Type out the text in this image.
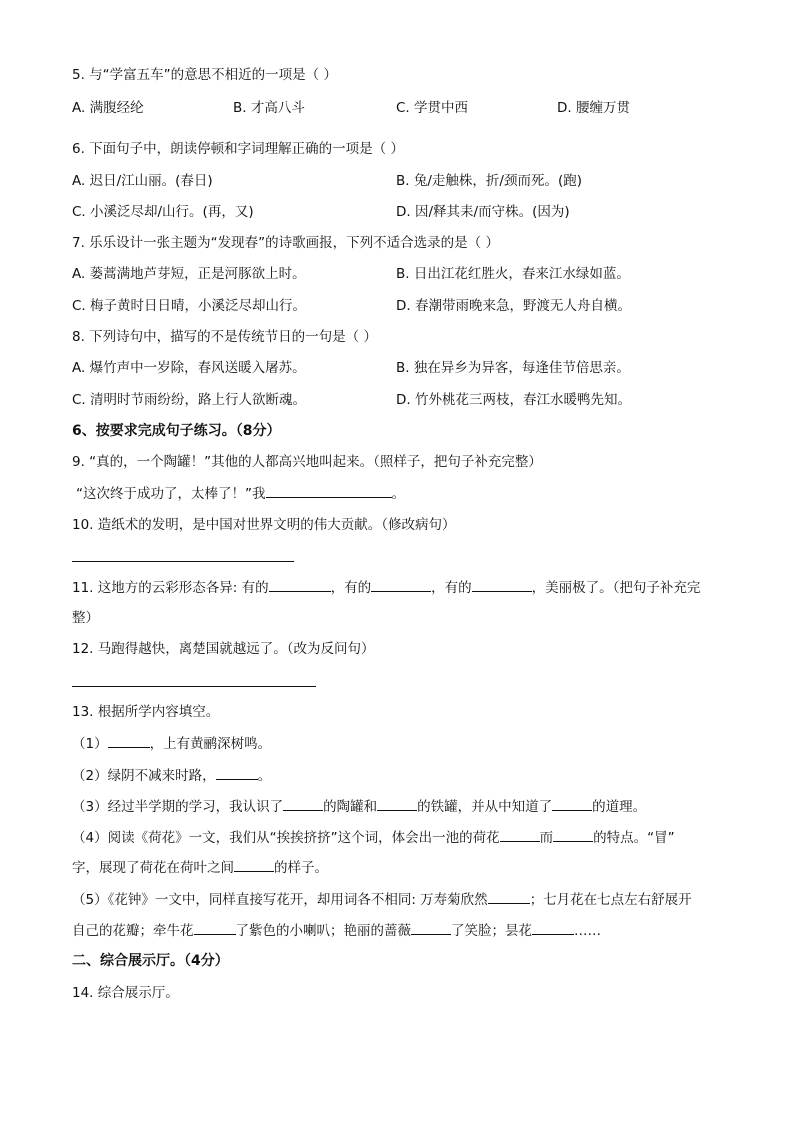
5. 与“学富五车”的意思不相近的一项是（ ）
A. 满腹经纶	B. 才高八斗	C. 学贯中西	D. 腰缠万贯
6. 下面句子中，朗读停顿和字词理解正确的一项是（ ）
A. 迟日/江山丽。(春日)	B. 兔/走触株，折/颈而死。(跑)
C. 小溪泛尽却/山行。(再，又)	D. 因/释其耒/而守株。(因为)
7. 乐乐设计一张主题为“发现春”的诗歌画报，下列不适合选录的是（ ）
A. 蒌蒿满地芦芽短，正是河豚欲上时。	B. 日出江花红胜火，春来江水绿如蓝。
C. 梅子黄时日日晴，小溪泛尽却山行。	D. 春潮带雨晚来急，野渡无人舟自横。
8. 下列诗句中，描写的不是传统节日的一句是（ ）
A. 爆竹声中一岁除，春风送暖入屠苏。	B. 独在异乡为异客，每逢佳节倍思亲。
C. 清明时节雨纷纷，路上行人欲断魂。	D. 竹外桃花三两枝，春江水暖鸭先知。
6、按要求完成句子练习。（8分）
9. “真的，一个陶罐！”其他的人都高兴地叫起来。（照样子，把句子补充完整）
“这次终于成功了，太棒了！”我	。
10. 造纸术的发明，是中国对世界文明的伟大贡献。（修改病句）
11. 这地方的云彩形态各异: 有的	，有的	，有的	，美丽极了。（把句子补充完
整）
12. 马跑得越快，离楚国就越远了。（改为反问句）
13. 根据所学内容填空。
（1）	，上有黄鹂深树鸣。
（2）绿阴不减来时路，	。
（3）经过半学期的学习，我认识了	的陶罐和	的铁罐，并从中知道了	的道理。
（4）阅读《荷花》一文，我们从“挨挨挤挤”这个词，体会出一池的荷花	而	的特点。“冒”
字，展现了荷花在荷叶之间	的样子。
（5）《花钟》一文中，同样直接写花开，却用词各不相同: 万寿菊欣然	；七月花在七点左右舒展开
自己的花瓣；牵牛花	了紫色的小喇叭；艳丽的蔷薇	了笑脸；昙花	……
二、综合展示厅。（4分）
14. 综合展示厅。
